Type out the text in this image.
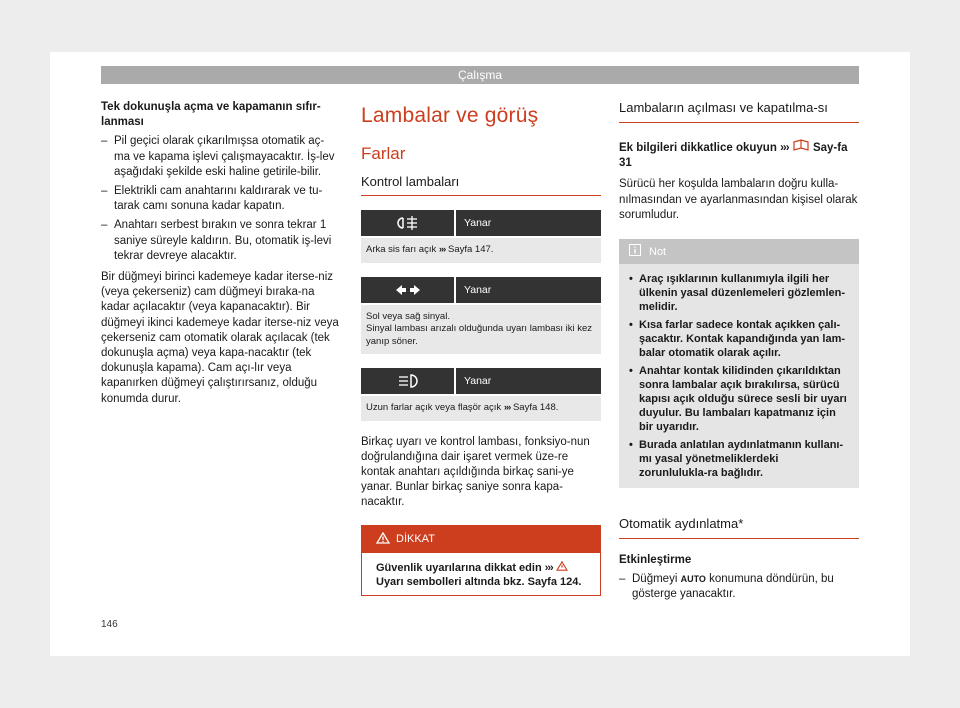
Çalışma
Tek dokunuşla açma ve kapamanın sıfır-lanması
– Pil geçici olarak çıkarılmışsa otomatik aç-ma ve kapama işlevi çalışmayacaktır. İş-lev aşağıdaki şekilde eski haline getirile-bilir.
– Elektrikli cam anahtarını kaldırarak ve tu-tarak camı sonuna kadar kapatın.
– Anahtarı serbest bırakın ve sonra tekrar 1 saniye süreyle kaldırın. Bu, otomatik iş-levi tekrar devreye alacaktır.

Bir düğmeyi birinci kademeye kadar iterse-niz (veya çekerseniz) cam düğmeyi bıraka-na kadar açılacaktır (veya kapanacaktır). Bir düğmeyi ikinci kademeye kadar iterse-niz veya çekerseniz cam otomatik olarak açılacak (tek dokunuşla açma) veya kapa-nacaktır (tek dokunuşla kapama). Cam açı-lır veya kapanırken düğmeyi çalıştırırsanız, olduğu konumda durur.

Lambalar ve görüş
Farlar
Kontrol lambaları
Yanar
Arka sis farı açık ››› Sayfa 147.
Yanar
Sol veya sağ sinyal.
Sinyal lambası arızalı olduğunda uyarı lambası iki kez yanıp söner.
Yanar
Uzun farlar açık veya flaşör açık ››› Sayfa 148.

Birkaç uyarı ve kontrol lambası, fonksiyo-nun doğrulandığına dair işaret vermek üze-re kontak anahtarı açıldığında birkaç sani-ye yanar. Bunlar birkaç saniye sonra kapa-nacaktır.

DİKKAT
Güvenlik uyarılarına dikkat edin ›››
Uyarı sembolleri altında bkz. Sayfa 124.
Lambaların açılması ve kapatılma-sı

Ek bilgileri dikkatlice okuyun ››› Say-fa 31

Sürücü her koşulda lambaların doğru kulla-nılmasından ve ayarlanmasından kişisel olarak sorumludur.

Not
• Araç ışıklarının kullanımıyla ilgili her ülkenin yasal düzenlemeleri gözlemlen-melidir.
• Kısa farlar sadece kontak açıkken çalı-şacaktır. Kontak kapandığında yan lam-balar otomatik olarak açılır.
• Anahtar kontak kilidinden çıkarıldıktan sonra lambalar açık bırakılırsa, sürücü kapısı açık olduğu sürece sesli bir uyarı duyulur. Bu lambaları kapatmanız için bir uyarıdır.
• Burada anlatılan aydınlatmanın kullanı-mı yasal yönetmeliklerdeki zorunlulukla-ra bağlıdır.
Otomatik aydınlatma*

Etkinleştirme

– Düğmeyi AUTO konumuna döndürün, bu gösterge yanacaktır.
146
